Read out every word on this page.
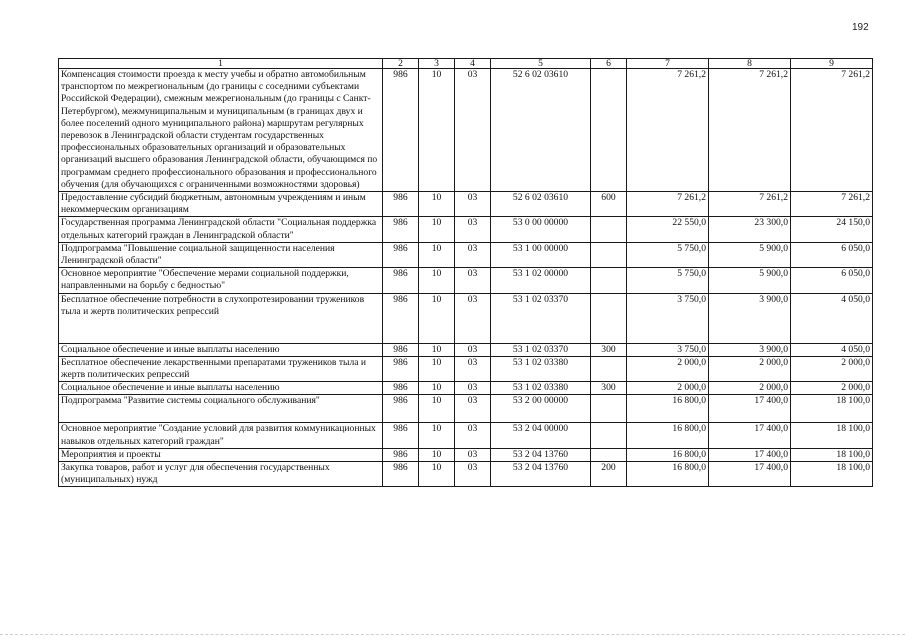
192
1	2	3	4	5	6	7	8	9
Компенсация стоимости проезда к месту учебы и обратно автомобильным транспортом по межрегиональным (до границы с соседними субъектами Российской Федерации), смежным межрегиональным (до границы с Санкт-Петербургом), межмуниципальным и муниципальным (в границах двух и более поселений одного муниципального района) маршрутам регулярных перевозок в Ленинградской области студентам государственных профессиональных образовательных организаций и образовательных организаций высшего образования Ленинградской области, обучающимся по программам среднего профессионального образования и профессионального обучения (для обучающихся с ограниченными возможностями здоровья)	986	10	03	52 6 02 03610		7 261,2	7 261,2	7 261,2
Предоставление субсидий бюджетным, автономным учреждениям и иным некоммерческим организациям	986	10	03	52 6 02 03610	600	7 261,2	7 261,2	7 261,2
Государственная программа Ленинградской области "Социальная поддержка отдельных категорий граждан в Ленинградской области"	986	10	03	53 0 00 00000		22 550,0	23 300,0	24 150,0
Подпрограмма "Повышение социальной защищенности населения Ленинградской области"	986	10	03	53 1 00 00000		5 750,0	5 900,0	6 050,0
Основное мероприятие "Обеспечение мерами социальной поддержки, направленными на борьбу с бедностью"	986	10	03	53 1 02 00000		5 750,0	5 900,0	6 050,0
Бесплатное обеспечение потребности в слухопротезировании тружеников тыла и жертв политических репрессий	986	10	03	53 1 02 03370		3 750,0	3 900,0	4 050,0
Социальное обеспечение и иные выплаты населению	986	10	03	53 1 02 03370	300	3 750,0	3 900,0	4 050,0
Бесплатное обеспечение лекарственными препаратами тружеников тыла и жертв политических репрессий	986	10	03	53 1 02 03380		2 000,0	2 000,0	2 000,0
Социальное обеспечение и иные выплаты населению	986	10	03	53 1 02 03380	300	2 000,0	2 000,0	2 000,0
Подпрограмма "Развитие системы социального обслуживания"	986	10	03	53 2 00 00000		16 800,0	17 400,0	18 100,0
Основное мероприятие "Создание условий для развития коммуникационных навыков отдельных категорий граждан"	986	10	03	53 2 04 00000		16 800,0	17 400,0	18 100,0
Мероприятия и проекты	986	10	03	53 2 04 13760		16 800,0	17 400,0	18 100,0
Закупка товаров, работ и услуг для обеспечения государственных (муниципальных) нужд	986	10	03	53 2 04 13760	200	16 800,0	17 400,0	18 100,0
